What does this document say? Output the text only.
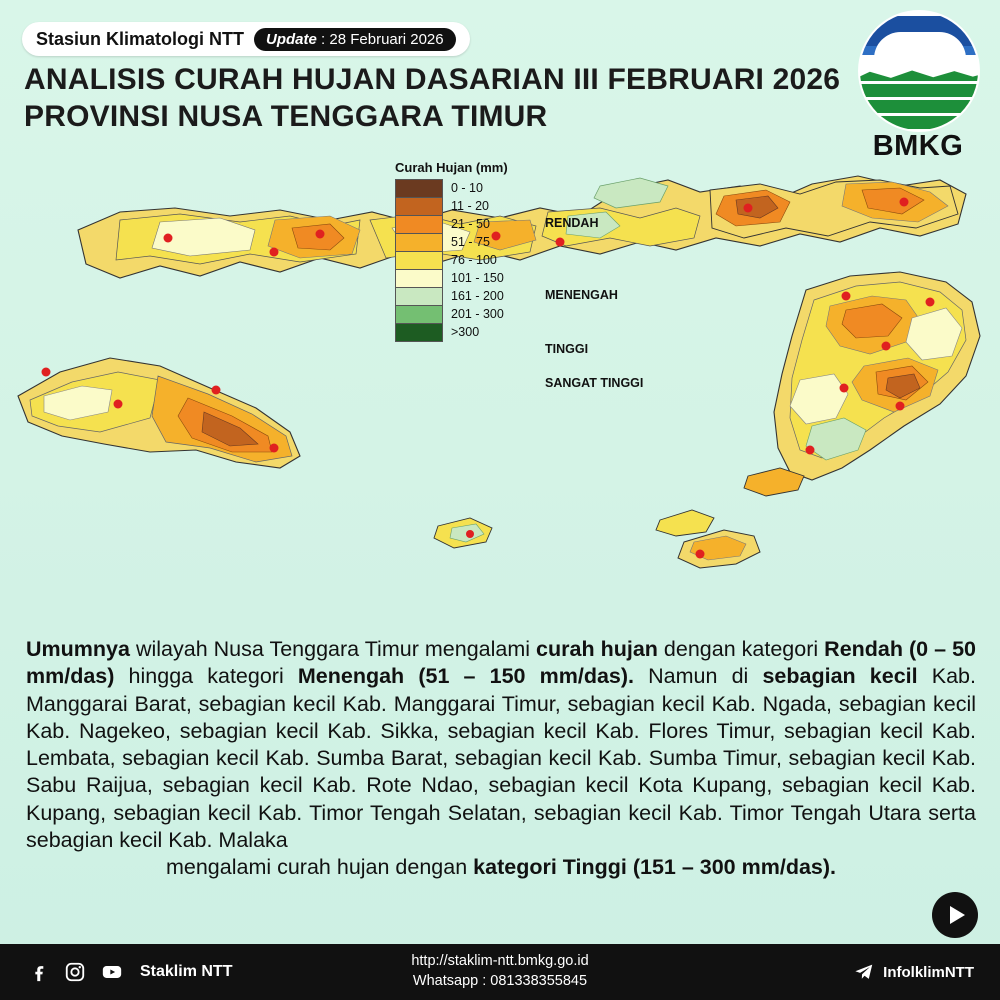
Stasiun Klimatologi NTT	Update : 28 Februari 2026
ANALISIS CURAH HUJAN DASARIAN III FEBRUARI 2026
PROVINSI NUSA TENGGARA TIMUR
BMKG
Curah Hujan (mm)
0 - 10
11 - 20
21 - 50
51 - 75
76 - 100
101 - 150
161 - 200
201 - 300
>300
RENDAH
MENENGAH
TINGGI
SANGAT TINGGI
Umumnya wilayah Nusa Tenggara Timur mengalami curah hujan dengan kategori Rendah (0 – 50 mm/das) hingga kategori Menengah (51 – 150 mm/das). Namun di sebagian kecil Kab. Manggarai Barat, sebagian kecil Kab. Manggarai Timur, sebagian kecil Kab. Ngada, sebagian kecil Kab. Nagekeo, sebagian kecil Kab. Sikka, sebagian kecil Kab. Flores Timur, sebagian kecil Kab. Lembata, sebagian kecil Kab. Sumba Barat, sebagian kecil Kab. Sumba Timur, sebagian kecil Kab. Sabu Raijua, sebagian kecil Kab. Rote Ndao, sebagian kecil Kota Kupang, sebagian kecil Kab. Kupang, sebagian kecil Kab. Timor Tengah Selatan, sebagian kecil Kab. Timor Tengah Utara serta sebagian kecil Kab. Malaka
mengalami curah hujan dengan kategori Tinggi (151 – 300 mm/das).
http://staklim-ntt.bmkg.go.id
Whatsapp : 081338355845
Staklim NTT	InfolklimNTT
